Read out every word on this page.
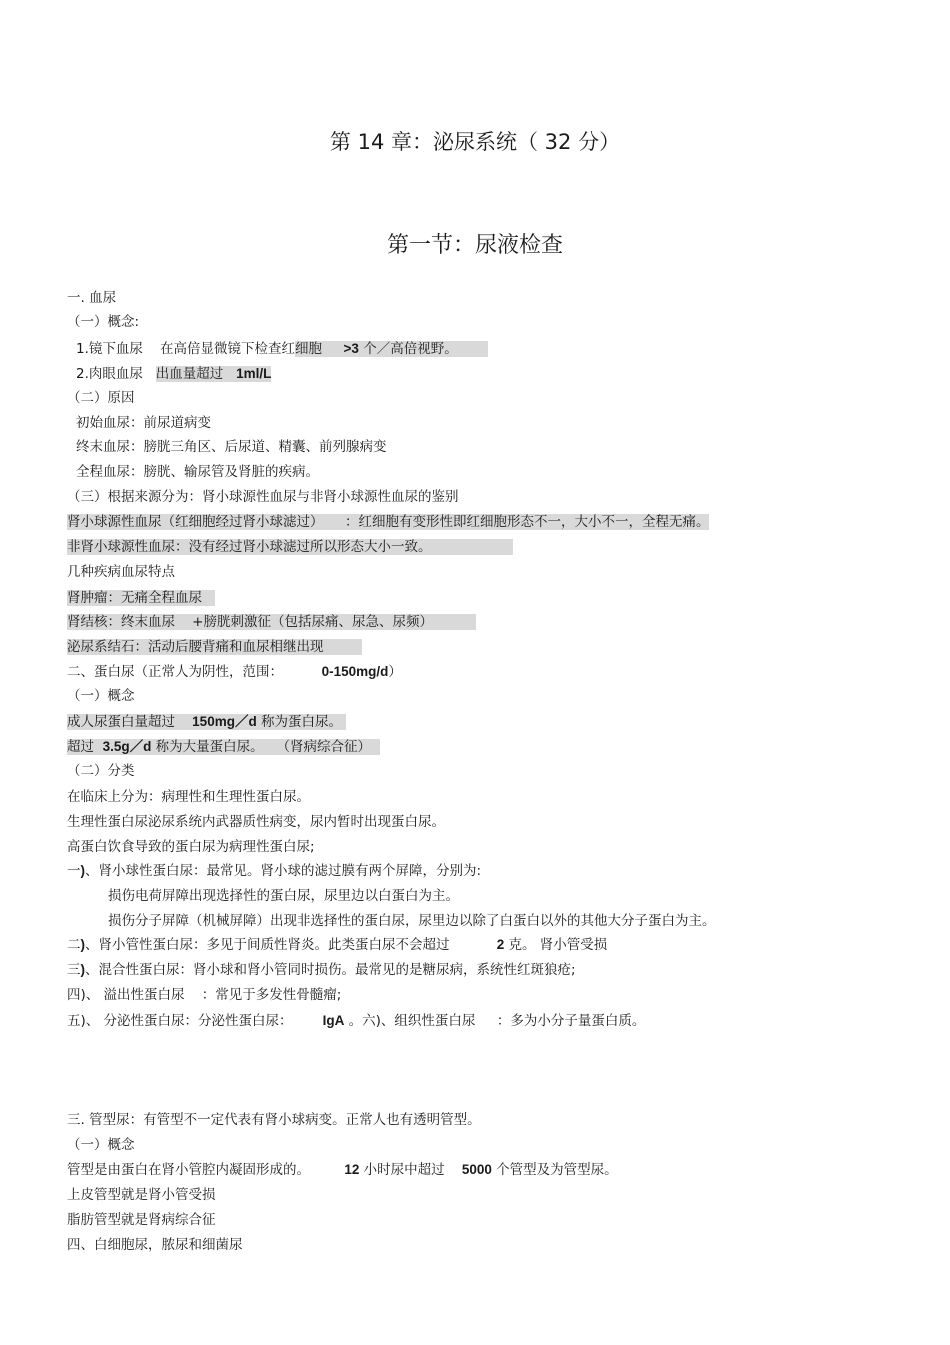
第 14 章：泌尿系统（ 32 分）
第一节：尿液检查
一. 血尿
（一）概念:
1.镜下血尿    在高倍显微镜下检查红细胞     >3 个／高倍视野。
2.肉眼血尿   出血量超过   1ml/L
（二）原因
初始血尿：前尿道病变
终末血尿：膀胱三角区、后尿道、精囊、前列腺病变
全程血尿：膀胱、输尿管及肾脏的疾病。
（三）根据来源分为：肾小球源性血尿与非肾小球源性血尿的鉴别
肾小球源性血尿（红细胞经过肾小球滤过）     ：红细胞有变形性即红细胞形态不一，大小不一，全程无痛。
非肾小球源性血尿：没有经过肾小球滤过所以形态大小一致。
几种疾病血尿特点
肾肿瘤：无痛全程血尿
肾结核：终末血尿    +膀胱刺激征（包括尿痛、尿急、尿频）
泌尿系结石：活动后腰背痛和血尿相继出现
二、蛋白尿（正常人为阴性，范围：         0-150mg/d）
（一）概念
成人尿蛋白量超过    150mg／d 称为蛋白尿。
超过  3.5g／d 称为大量蛋白尿。   （肾病综合征）
（二）分类
在临床上分为：病理性和生理性蛋白尿。
生理性蛋白尿泌尿系统内武器质性病变，尿内暂时出现蛋白尿。
高蛋白饮食导致的蛋白尿为病理性蛋白尿;
一)、肾小球性蛋白尿：最常见。肾小球的滤过膜有两个屏障，分别为:
损伤电荷屏障出现选择性的蛋白尿，尿里边以白蛋白为主。
损伤分子屏障（机械屏障）出现非选择性的蛋白尿，尿里边以除了白蛋白以外的其他大分子蛋白为主。
二)、肾小管性蛋白尿：多见于间质性肾炎。此类蛋白尿不会超过           2 克。 肾小管受损
三)、混合性蛋白尿：肾小球和肾小管同时损伤。最常见的是糖尿病，系统性红斑狼疮;
四)、 溢出性蛋白尿    ：常见于多发性骨髓瘤;
五)、 分泌性蛋白尿：分泌性蛋白尿：       IgA 。六)、组织性蛋白尿     ：多为小分子量蛋白质。
三. 管型尿：有管型不一定代表有肾小球病变。正常人也有透明管型。
（一）概念
管型是由蛋白在肾小管腔内凝固形成的。        12 小时尿中超过    5000 个管型及为管型尿。
上皮管型就是肾小管受损
脂肪管型就是肾病综合征
四、白细胞尿，脓尿和细菌尿
